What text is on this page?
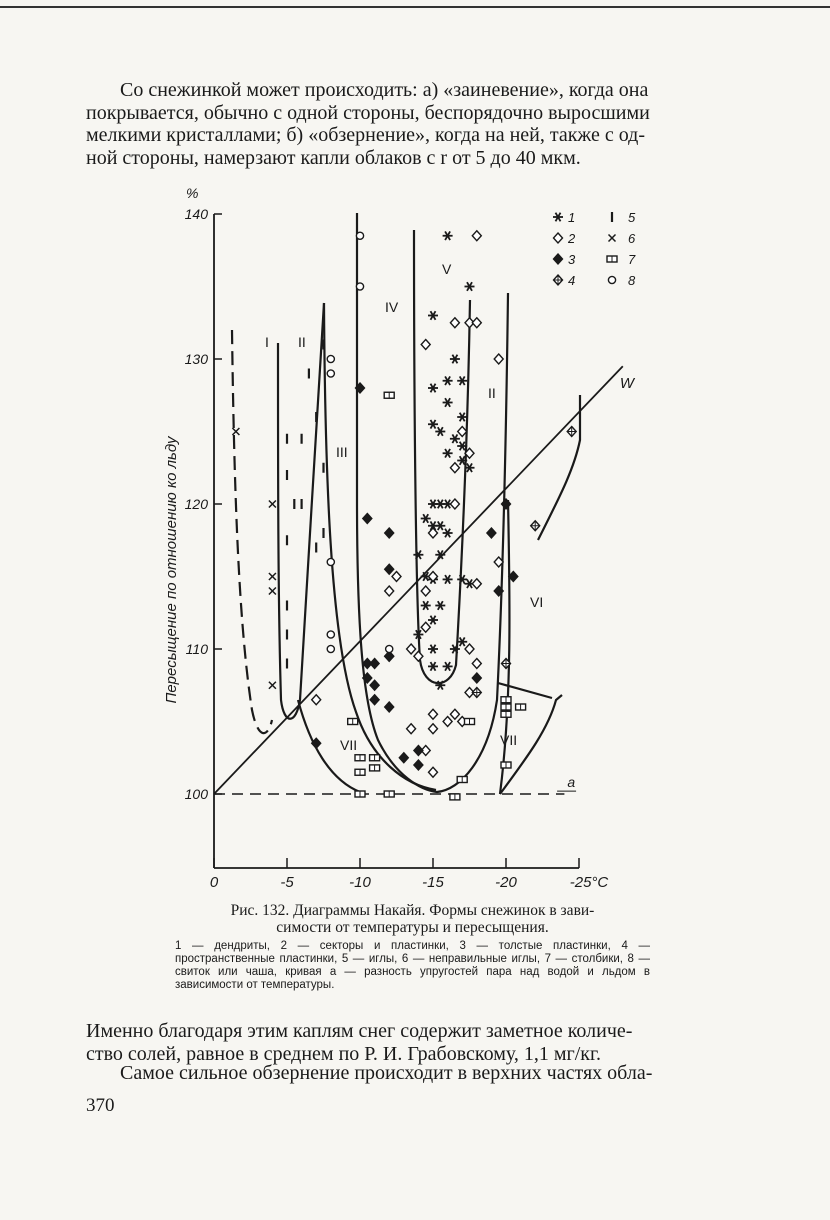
Со снежинкой может происходить: а) «заиневение», когда она
покрывается, обычно с одной стороны, беспорядочно выросшими
мелкими кристаллами; б) «обзернение», когда на ней, также с од-
ной стороны, намерзают капли облаков с r от 5 до 40 мкм.

0	-5	-10	-15	-20	-25°C
100
110
120
130
140
%
Пересыщение по отношению ко льду
a
W
I II
III
IV
V
VI
VII	VII
II
1
2
3
4
5
6
7
8
Рис. 132. Диаграммы Накайя. Формы снежинок в зави-
симости от температуры и пересыщения.
1 — дендриты, 2 — секторы и пластинки, 3 — толстые пластинки, 4 — пространственные пластинки, 5 — иглы, 6 — неправильные иглы, 7 — столбики, 8 — свиток или чаша, кривая а — разность упругостей пара над водой и льдом в зависимости от температуры.

Именно благодаря этим каплям снег содержит заметное количе-
ство солей, равное в среднем по Р. И. Грабовскому, 1,1 мг/кг.

Самое сильное обзернение происходит в верхних частях обла-

370
